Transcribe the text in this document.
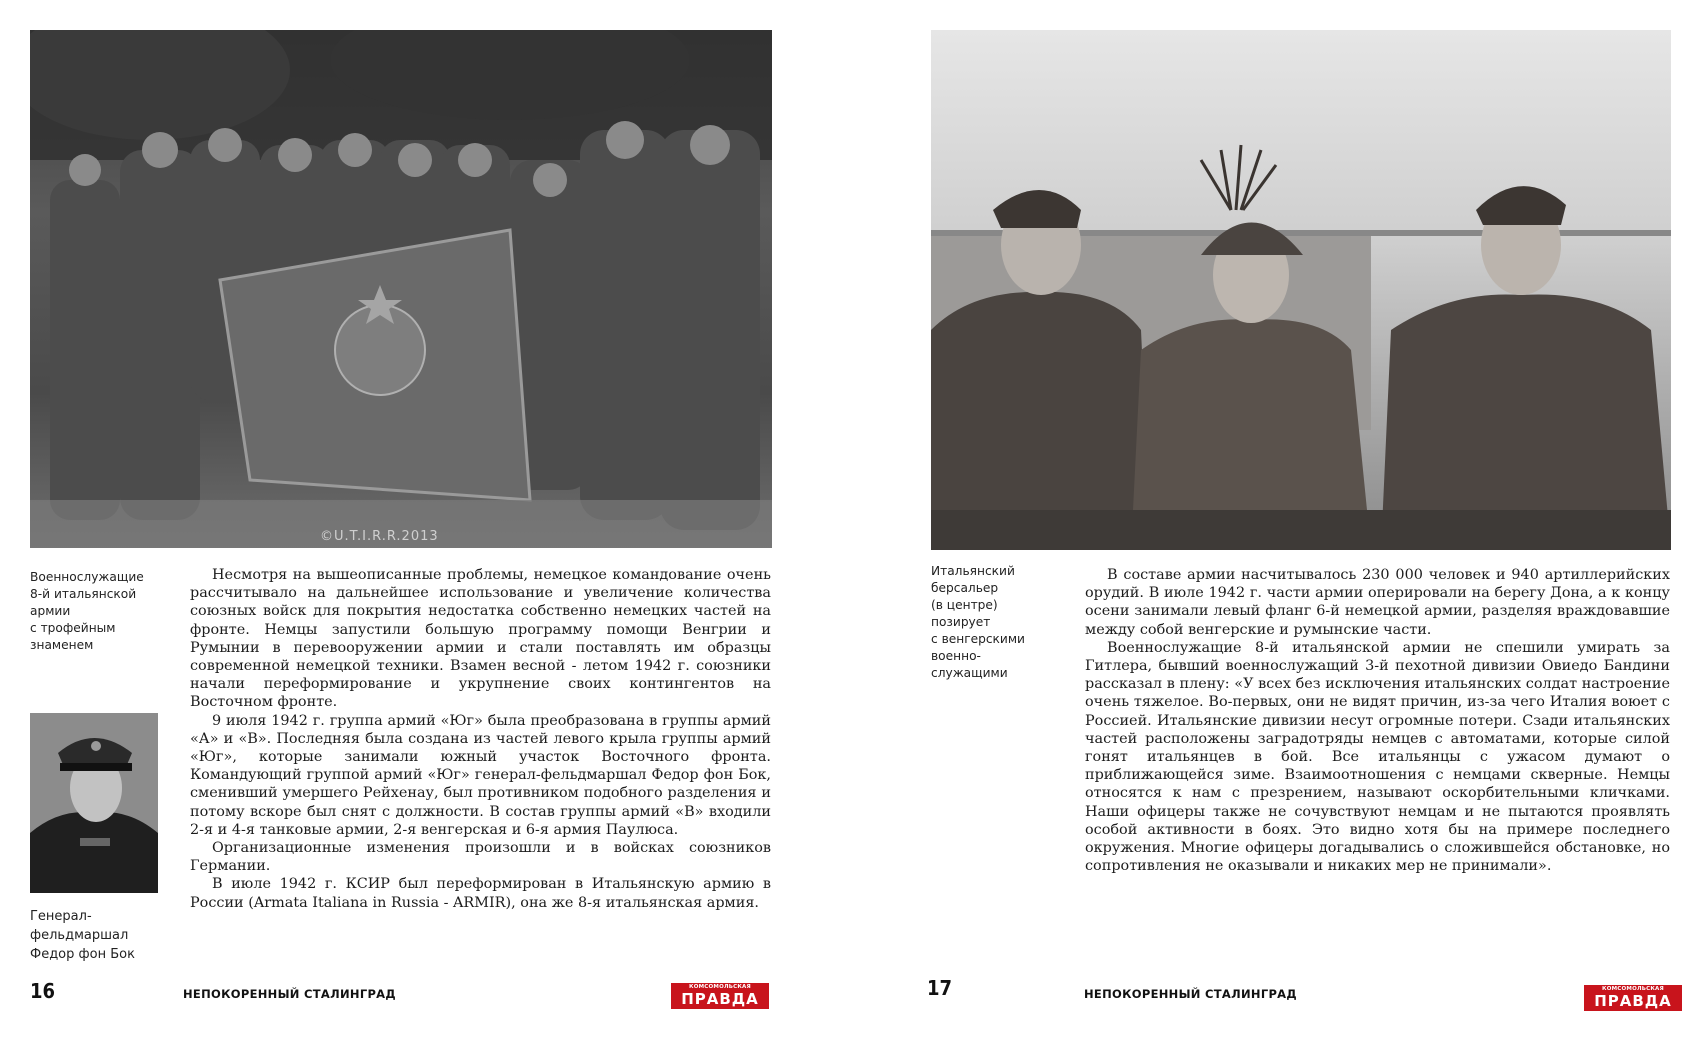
©U.T.I.R.R.2013
Военнослужащие
8-й итальянской
армии
с трофейным
знаменем
Генерал-
фельдмаршал
Федор фон Бок

Несмотря на вышеописанные проблемы, немецкое командование очень рассчитывало на дальнейшее использование и увеличение количества союзных войск для покрытия недостатка собственно немецких частей на фронте. Немцы запустили большую программу помощи Венгрии и Румынии в перевооружении армии и стали поставлять им образцы современной немецкой техники. Взамен весной - летом 1942 г. союзники начали переформирование и укрупнение своих контингентов на Восточном фронте.

9 июля 1942 г. группа армий «Юг» была преобразована в группы армий «А» и «В». Последняя была создана из частей левого крыла группы армий «Юг», которые занимали южный участок Восточного фронта. Командующий группой армий «Юг» генерал-фельдмаршал Федор фон Бок, сменивший умершего Рейхенау, был противником подобного разделения и потому вскоре был снят с должности. В состав группы армий «В» входили 2-я и 4-я танковые армии, 2-я венгерская и 6-я армия Паулюса.

Организационные изменения произошли и в войсках союзников Германии.

В июле 1942 г. КСИР был переформирован в Итальянскую армию в России (Armata Italiana in Russia - ARMIR), она же 8-я итальянская армия.

16	НЕПОКОРЕННЫЙ СТАЛИНГРАД	КОМСОМОЛЬСКАЯ
ПРАВДА
Итальянский
берсальер
(в центре)
позирует
с венгерскими
военно-
служащими

В составе армии насчитывалось 230 000 человек и 940 артиллерийских орудий. В июле 1942 г. части армии оперировали на берегу Дона, а к концу осени занимали левый фланг 6-й немецкой армии, разделяя враждовавшие между собой венгерские и румынские части.

Военнослужащие 8-й итальянской армии не спешили умирать за Гитлера, бывший военнослужащий 3-й пехотной дивизии Овиедо Бандини рассказал в плену: «У всех без исключения итальянских солдат настроение очень тяжелое. Во-первых, они не видят причин, из-за чего Италия воюет с Россией. Итальянские дивизии несут огромные потери. Сзади итальянских частей расположены заградотряды немцев с автоматами, которые силой гонят итальянцев в бой. Все итальянцы с ужасом думают о приближающейся зиме. Взаимоотношения с немцами скверные. Немцы относятся к нам с презрением, называют оскорбительными кличками. Наши офицеры также не сочувствуют немцам и не пытаются проявлять особой активности в боях. Это видно хотя бы на примере последнего окружения. Многие офицеры догадывались о сложившейся обстановке, но сопротивления не оказывали и никаких мер не принимали».

17	НЕПОКОРЕННЫЙ СТАЛИНГРАД	КОМСОМОЛЬСКАЯ
ПРАВДА
